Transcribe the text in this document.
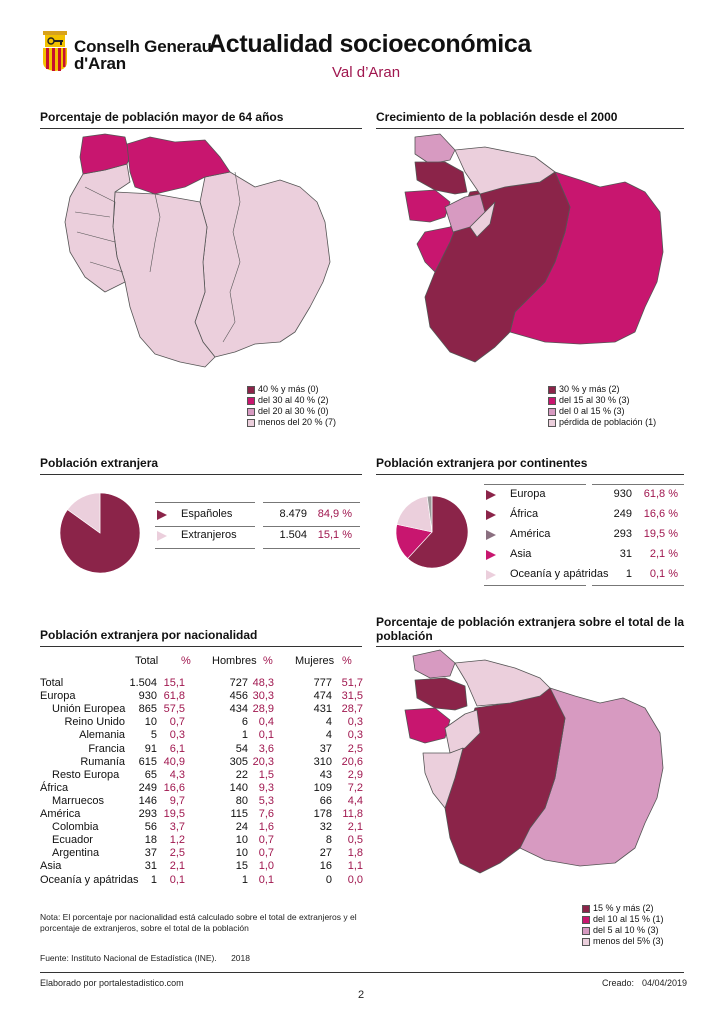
Conselh Generau
d'Aran
Actualidad socioeconómica
Val d’Aran
Porcentaje de población mayor de 64 años
40 % y más (0)
del 30 al 40 % (2)
del 20 al 30 % (0)
menos del 20 % (7)
Crecimiento de la población desde el 2000
30 % y más (2)
del 15 al 30 % (3)
del 0 al 15 % (3)
pérdida de población (1)
Población extranjera
Españoles	8.479 84,9 %
Extranjeros	1.504 15,1 %
Población extranjera por continentes
Europa	930	61,8 %
África	249	16,6 %
América	293	19,5 %
Asia	31	2,1 %
Oceanía y apátridas	1	0,1 %
Población extranjera por nacionalidad
Total % Hombres % Mujeres %
Total	1.504 15,1	727 48,3	777 51,7
Europa	930 61,8	456 30,3	474 31,5
Unión Europea 865 57,5	434 28,9	431 28,7
Reino Unido 10 0,7	6 0,4	4 0,3
Alemania 5 0,3	1 0,1	4 0,3
Francia 91 6,1	54 3,6	37 2,5
Rumanía 615 40,9	305 20,3	310 20,6
Resto Europa 65 4,3	22 1,5	43 2,9
África	249 16,6	140 9,3	109 7,2
Marruecos	146 9,7	80 5,3	66 4,4
América	293 19,5	115 7,6	178 11,8
Colombia	56 3,7	24 1,6	32 2,1
Ecuador	18 1,2	10 0,7	8 0,5
Argentina	37 2,5	10 0,7	27 1,8
Asia	31 2,1	15 1,0	16 1,1
Oceanía y apátridas 1 0,1	1 0,1	0 0,0
Nota: El porcentaje por nacionalidad está calculado sobre el total de extranjeros y el
porcentaje de extranjeros, sobre el total de la población
Fuente: Instituto Nacional de Estadística (INE). 2018
Porcentaje de población extranjera sobre el total de la
población
15 % y más (2)
del 10 al 15 % (1)
del 5 al 10 % (3)
menos del 5% (3)
Elaborado por portalestadistico.com	Creado: 04/04/2019
2
